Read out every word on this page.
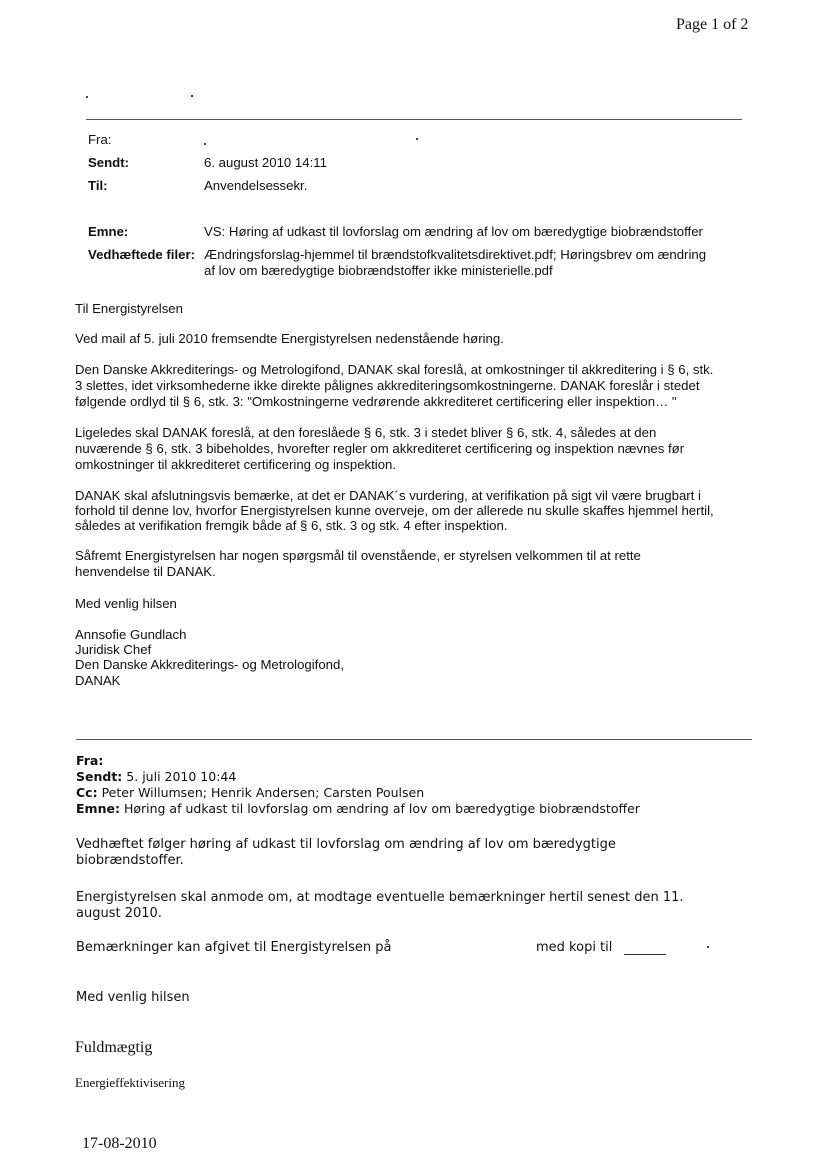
Page 1 of 2
Fra:
Sendt:	6. august 2010 14:11
Til:	Anvendelsessekr.
Emne:	VS: Høring af udkast til lovforslag om ændring af lov om bæredygtige biobrændstoffer
Vedhæftede filer: Ændringsforslag-hjemmel til brændstofkvalitetsdirektivet.pdf; Høringsbrev om ændring
af lov om bæredygtige biobrændstoffer ikke ministerielle.pdf
Til Energistyrelsen
Ved mail af 5. juli 2010 fremsendte Energistyrelsen nedenstående høring.
Den Danske Akkrediterings- og Metrologifond, DANAK skal foreslå, at omkostninger til akkreditering i § 6, stk.
3 slettes, idet virksomhederne ikke direkte pålignes akkrediteringsomkostningerne. DANAK foreslår i stedet
følgende ordlyd til § 6, stk. 3: "Omkostningerne vedrørende akkrediteret certificering eller inspektion… "
Ligeledes skal DANAK foreslå, at den foreslåede § 6, stk. 3 i stedet bliver § 6, stk. 4, således at den
nuværende § 6, stk. 3 bibeholdes, hvorefter regler om akkrediteret certificering og inspektion nævnes før
omkostninger til akkrediteret certificering og inspektion.
DANAK skal afslutningsvis bemærke, at det er DANAK´s vurdering, at verifikation på sigt vil være brugbart i
forhold til denne lov, hvorfor Energistyrelsen kunne overveje, om der allerede nu skulle skaffes hjemmel hertil,
således at verifikation fremgik både af § 6, stk. 3 og stk. 4 efter inspektion.
Såfremt Energistyrelsen har nogen spørgsmål til ovenstående, er styrelsen velkommen til at rette
henvendelse til DANAK.
Med venlig hilsen
Annsofie Gundlach
Juridisk Chef
Den Danske Akkrediterings- og Metrologifond,
DANAK
Fra:
Sendt: 5. juli 2010 10:44
Cc: Peter Willumsen; Henrik Andersen; Carsten Poulsen
Emne: Høring af udkast til lovforslag om ændring af lov om bæredygtige biobrændstoffer
Vedhæftet følger høring af udkast til lovforslag om ændring af lov om bæredygtige
biobrændstoffer.
Energistyrelsen skal anmode om, at modtage eventuelle bemærkninger hertil senest den 11.
august 2010.
Bemærkninger kan afgivet til Energistyrelsen på	med kopi til
Med venlig hilsen
Fuldmægtig
Energieffektivisering
17-08-2010
